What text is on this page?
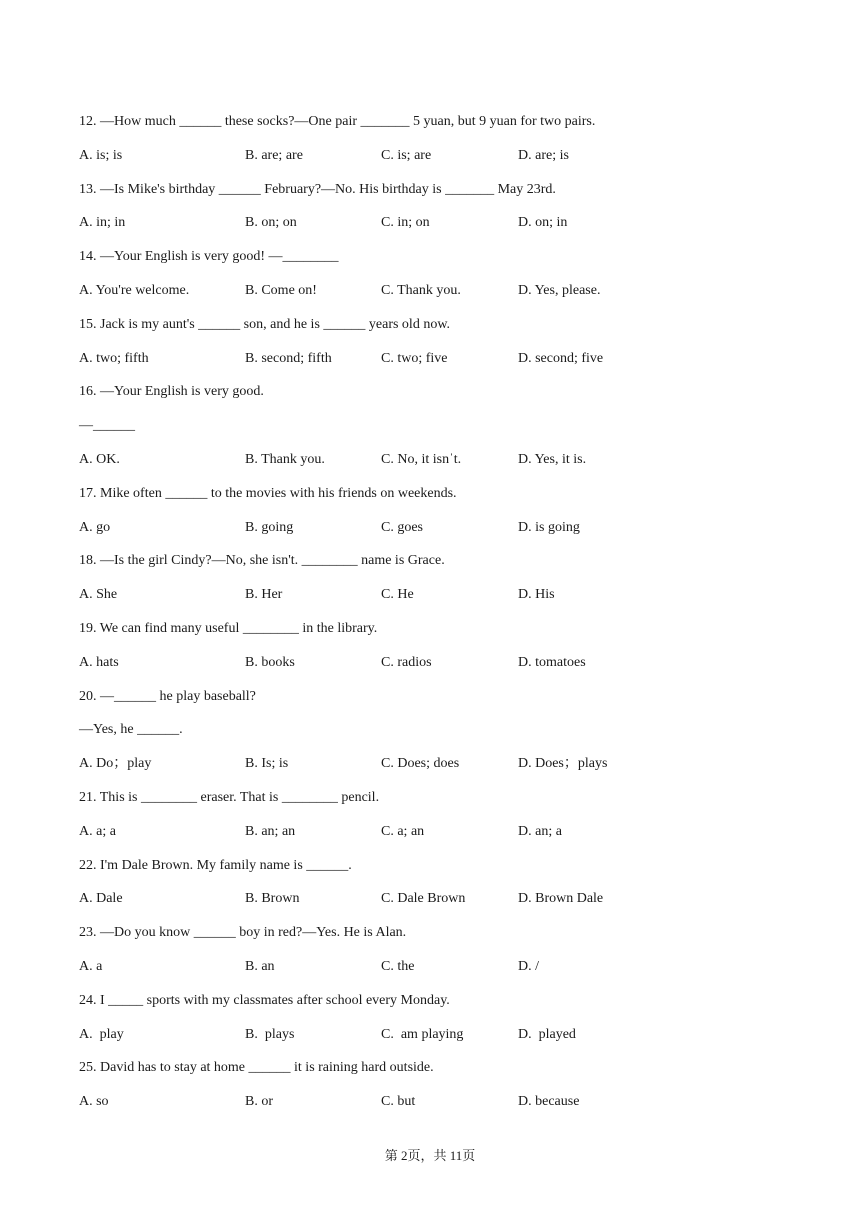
12. —How much ______ these socks?—One pair _______ 5 yuan, but 9 yuan for two pairs.
A. is; is	B. are; are	C. is; are	D. are; is
13. —Is Mike's birthday ______ February?—No. His birthday is _______ May 23rd.
A. in; in	B. on; on	C. in; on	D. on; in
14. —Your English is very good! —________
A. You're welcome.	B. Come on!	C. Thank you.	D. Yes, please.
15. Jack is my aunt's ______ son, and he is ______ years old now.
A. two; fifth	B. second; fifth	C. two; five	D. second; five
16. —Your English is very good.
—______
A. OK.	B. Thank you.	C. No, it isnˈt.	D. Yes, it is.
17. Mike often ______ to the movies with his friends on weekends.
A. go	B. going	C. goes	D. is going
18. —Is the girl Cindy?—No, she isn't. ________ name is Grace.
A. She	B. Her	C. He	D. His
19. We can find many useful ________ in the library.
A. hats	B. books	C. radios	D. tomatoes
20. —______ he play baseball?
—Yes, he ______.
A. Do；play	B. Is; is	C. Does; does	D. Does；plays
21. This is ________ eraser. That is ________ pencil.
A. a; a	B. an; an	C. a; an	D. an; a
22. I'm Dale Brown. My family name is ______.
A. Dale	B. Brown	C. Dale Brown	D. Brown Dale
23. —Do you know ______ boy in red?—Yes. He is Alan.
A. a	B. an	C. the	D. /
24. I _____ sports with my classmates after school every Monday.
A.  play	B.  plays	C.  am playing	D.  played
25. David has to stay at home ______ it is raining hard outside.
A. so	B. or	C. but	D. because
第 2页，共 11页
